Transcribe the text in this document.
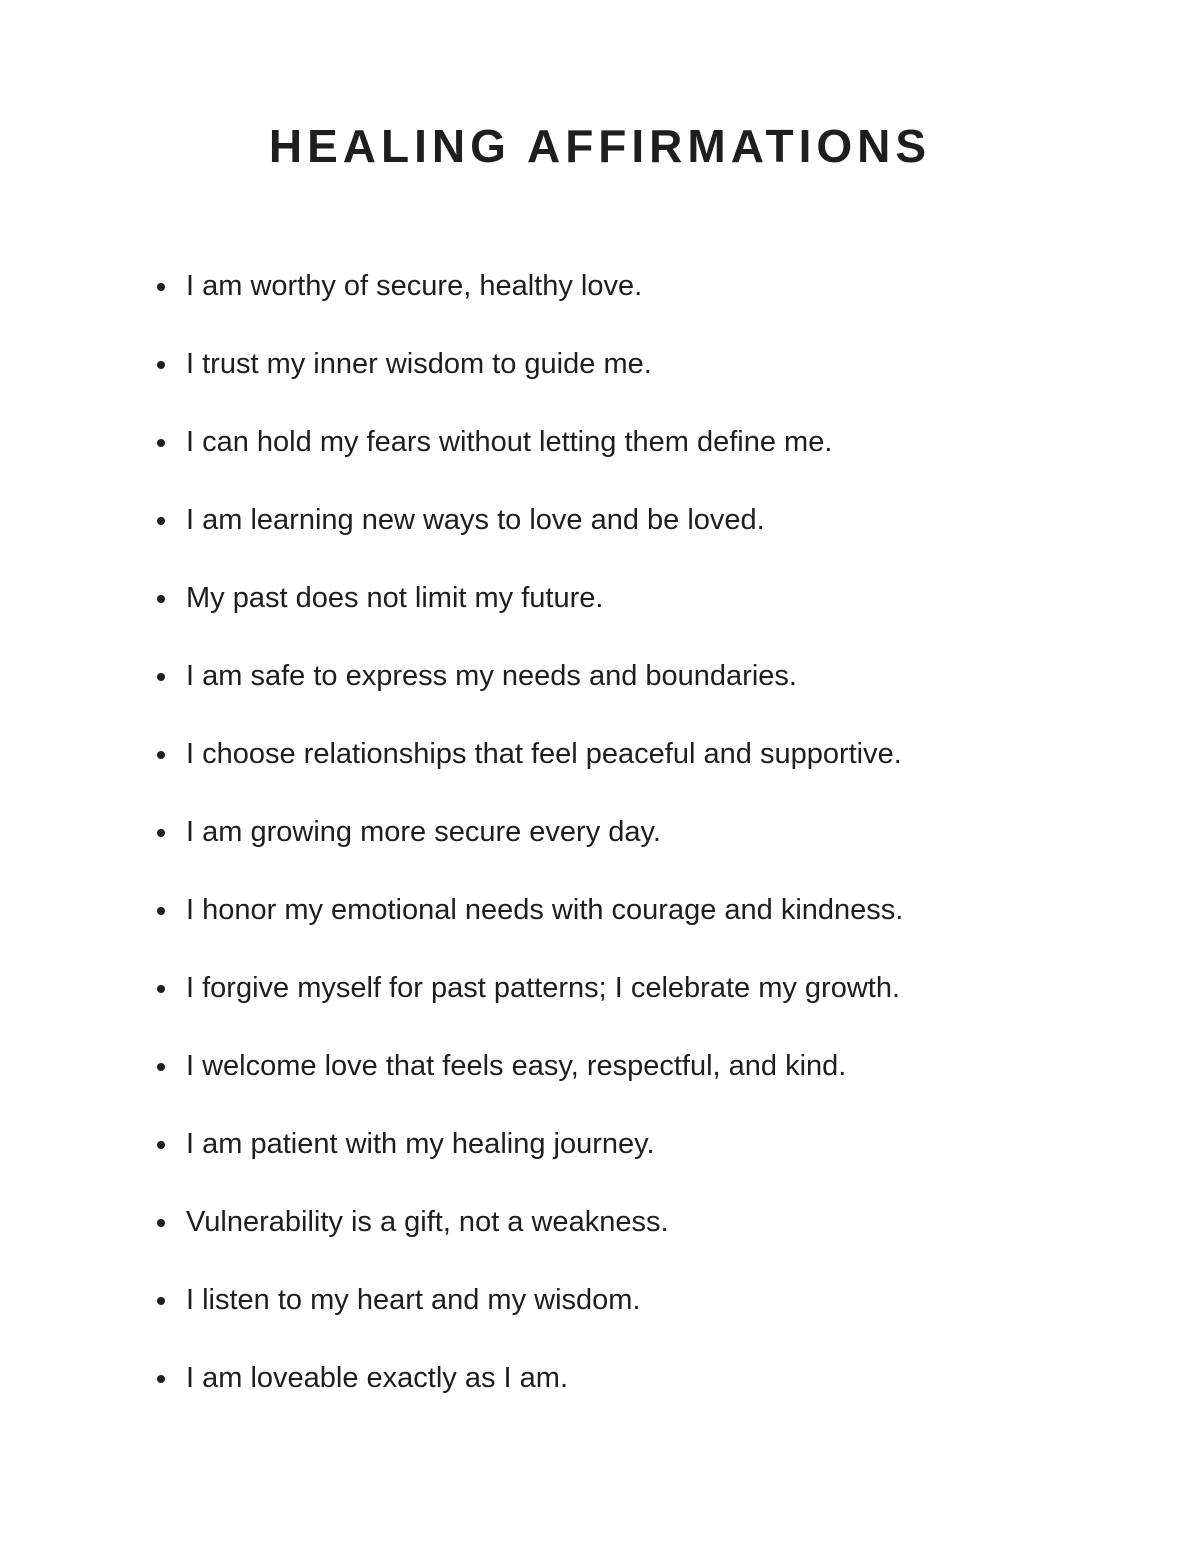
HEALING AFFIRMATIONS
I am worthy of secure, healthy love.
I trust my inner wisdom to guide me.
I can hold my fears without letting them define me.
I am learning new ways to love and be loved.
My past does not limit my future.
I am safe to express my needs and boundaries.
I choose relationships that feel peaceful and supportive.
I am growing more secure every day.
I honor my emotional needs with courage and kindness.
I forgive myself for past patterns; I celebrate my growth.
I welcome love that feels easy, respectful, and kind.
I am patient with my healing journey.
Vulnerability is a gift, not a weakness.
I listen to my heart and my wisdom.
I am loveable exactly as I am.
